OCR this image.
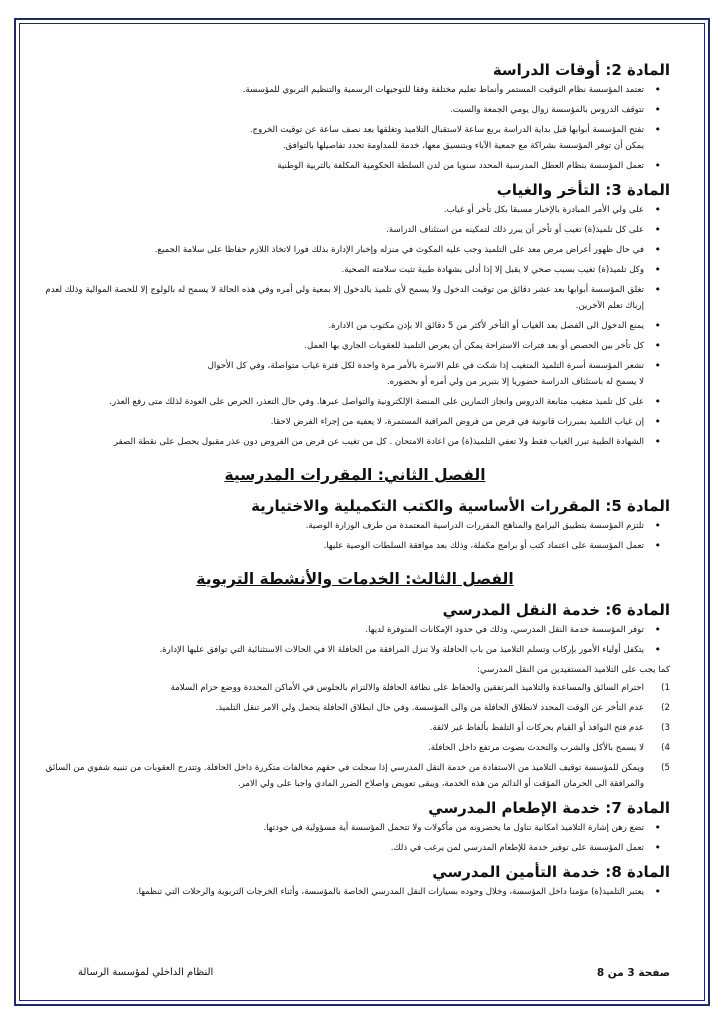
المادة 2: أوقات الدراسة
• تعتمد المؤسسة نظام التوقيت المستمر وأنماط تعليم مختلفة وفقا للتوجيهات الرسمية والتنظيم التربوي للمؤسسة.
• تتوقف الدروس بالمؤسسة زوال يومي الجمعة والسبت.
• تفتح المؤسسة أبوابها قبل بداية الدراسة بربع ساعة لاستقبال التلاميذ وتغلقها بعد نصف ساعة عن توقيت الخروج.
يمكن أن توفر المؤسسة بشراكة مع جمعية الآباء وبتنسيق معها، خدمة للمداومة تحدد تفاصيلها بالتوافق.
• تعمل المؤسسة بنظام العطل المدرسية المحدد سنويا من لدن السلطة الحكومية المكلفة بالتربية الوطنية
المادة 3: التأخر والغياب
• على ولي الأمر المبادرة بالإخبار مسبقا بكل تأخر أو غياب.
• على كل تلميذ(ة) تغيب أو تأخر أن يبرر ذلك لتمكينه من استئناف الدراسة.
• في حال ظهور أعراض مرض معد على التلميذ وجب عليه المكوث في منزله وإخبار الإدارة بذلك فورا لاتخاذ اللازم حفاظا على سلامة الجميع.
• وكل تلميذ(ة) تغيب بسبب صحي لا يقبل إلا إذا أدلى بشهادة طبية تثبت سلامته الصحية.
• تغلق المؤسسة أبوابها بعد عشر دقائق من توقيت الدخول ولا يسمح لأي تلميذ بالدخول إلا بمعية ولي أمره وفي هذه الحالة لا يسمح له بالولوج إلا للحصة الموالية وذلك لعدم إرباك تعلم الآخرين.
• يمنع الدخول الى الفصل بعد الغياب أو التأخر لأكثر من 5 دقائق الا بإذن مكتوب من الادارة.
• كل تأخر بين الحصص أو بعد فترات الاستراحة يمكن أن يعرض التلميذ للعقوبات الجاري بها العمل.
• تشعر المؤسسة أسرة التلميذ المتغيب إذا شكت في علم الاسرة بالأمر مرة واحدة لكل فترة غياب متواصلة، وفي كل الأحوال
لا يسمح له باستئناف الدراسة حضوريا إلا بتبرير من ولي أمره أو بحضوره.
• على كل تلميذ متغيب متابعة الدروس وانجاز التمارين على المنصة الإلكترونية والتواصل عبرها. وفي حال التعذر، الحرص على العودة لذلك متى رفع العذر.
• إن غياب التلميذ بمبررات قانونية في فرض من فروض المراقبة المستمرة، لا يعفيه من إجراء الفرض لاحقا.
• الشهادة الطبية تبرر الغياب فقط ولا تعفي التلميذ(ة) من اعادة الامتحان . كل من تغيب عن فرض من الفروض دون عذر مقبول يحصل على نقطة الصفر
الفصل الثاني: المقررات المدرسية
المادة 5: المقررات الأساسية والكتب التكميلية والاختيارية
• تلتزم المؤسسة بتطبيق البرامج والمناهج المقررات الدراسية المعتمدة من طرف الوزارة الوصية.
• تعمل المؤسسة على اعتماد كتب أو برامج مكملة، وذلك بعد موافقة السلطات الوصية عليها.
الفصل الثالث: الخدمات والأنشطة التربوية
المادة 6: خدمة النقل المدرسي
• توفر المؤسسة خدمة النقل المدرسي، وذلك في حدود الإمكانات المتوفرة لديها.
• يتكفل أولياء الأمور بإركاب وتسلم التلاميذ من باب الحافلة ولا تنزل المرافقة من الحافلة الا في الحالات الاستثنائية التي توافق عليها الإدارة.
كما يجب على التلاميذ المستفيدين من النقل المدرسي:
1)
احترام السائق والمساعدة والتلاميذ المرتفقين والحفاظ على نظافة الحافلة والالتزام بالجلوس في الأماكن المحددة ووضع حزام السلامة
2)
عدم التأخر عن الوقت المحدد لانطلاق الحافلة من والى المؤسسة. وفي حال انطلاق الحافلة يتحمل ولي الامر تنقل التلميذ.
3)
عدم فتح النوافذ أو القيام بحركات أو التلفظ بألفاظ غير لائقة.
4)
لا يسمح بالأكل والشرب والتحدث بصوت مرتفع داخل الحافلة.
5)
ويمكن للمؤسسة توقيف التلاميذ من الاستفادة من خدمة النقل المدرسي إذا سجلت في حقهم مخالفات متكررة داخل الحافلة. وتتدرج العقوبات من تنبيه شفوي من السائق والمرافقة الى الحرمان المؤقت أو الدائم من هذه الخدمة، ويبقى تعويض واصلاح الضرر المادي واجبا على ولي الامر.
المادة 7: خدمة الإطعام المدرسي
• تضع رهن إشارة التلاميذ امكانية تناول ما يحضرونه من مأكولات ولا تتحمل المؤسسة أية مسؤولية في جودتها.
• تعمل المؤسسة على توفير خدمة للإطعام المدرسي لمن يرغب في ذلك.
المادة 8: خدمة التأمين المدرسي
• يعتبر التلميذ(ة) مؤمنا داخل المؤسسة، وخلال وجوده بسيارات النقل المدرسي الخاصة بالمؤسسة، وأثناء الخرجات التربوية والرحلات التي تنظمها.
صفحة 3 من 8
النظام الداخلي لمؤسسة الرسالة
